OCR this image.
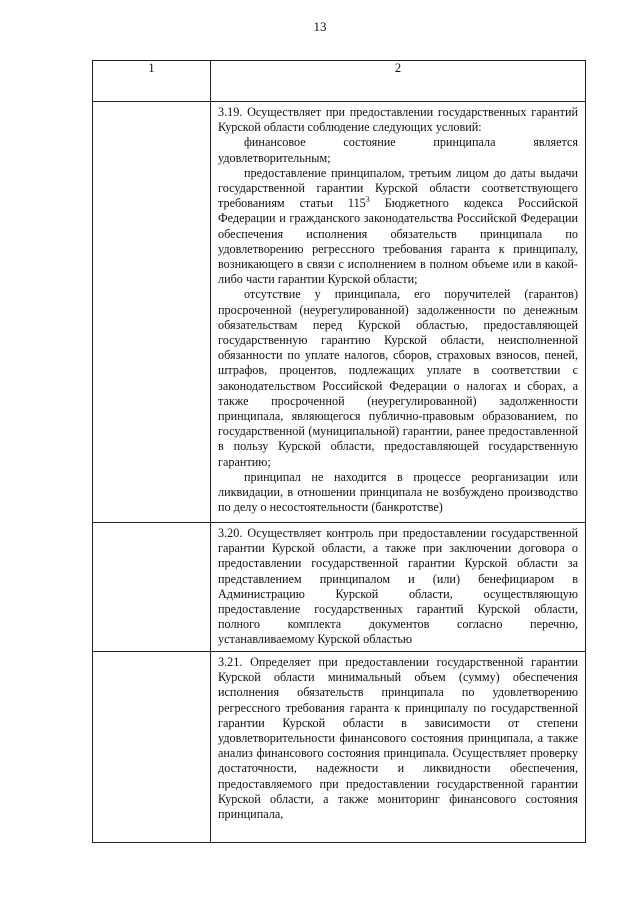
13
1	2

	3.19. Осуществляет при предоставлении государственных гарантий Курской области соблюдение следующих условий:

финансовое состояние принципала является удовлетворительным;

предоставление принципалом, третьим лицом до даты выдачи государственной гарантии Курской области соответствующего требованиям статьи $115^3$ Бюджетного кодекса Российской Федерации и гражданского законодательства Российской Федерации обеспечения исполнения обязательств принципала по удовлетворению регрессного требования гаранта к принципалу, возникающего в связи с исполнением в полном объеме или в какой-либо части гарантии Курской области;

отсутствие у принципала, его поручителей (гарантов) просроченной (неурегулированной) задолженности по денежным обязательствам перед Курской областью, предоставляющей государственную гарантию Курской области, неисполненной обязанности по уплате налогов, сборов, страховых взносов, пеней, штрафов, процентов, подлежащих уплате в соответствии с законодательством Российской Федерации о налогах и сборах, а также просроченной (неурегулированной) задолженности принципала, являющегося публично-правовым образованием, по государственной (муниципальной) гарантии, ранее предоставленной в пользу Курской области, предоставляющей государственную гарантию;

принципал не находится в процессе реорганизации или ликвидации, в отношении принципала не возбуждено производство по делу о несостоятельности (банкротстве)

	3.20. Осуществляет контроль при предоставлении государственной гарантии Курской области, а также при заключении договора о предоставлении государственной гарантии Курской области за представлением принципалом и (или) бенефициаром в Администрацию Курской области, осуществляющую предоставление государственных гарантий Курской области, полного комплекта документов согласно перечню, устанавливаемому Курской областью

	3.21. Определяет при предоставлении государственной гарантии Курской области минимальный объем (сумму) обеспечения исполнения обязательств принципала по удовлетворению регрессного требования гаранта к принципалу по государственной гарантии Курской области в зависимости от степени удовлетворительности финансового состояния принципала, а также анализ финансового состояния принципала. Осуществляет проверку достаточности, надежности и ликвидности обеспечения, предоставляемого при предоставлении государственной гарантии Курской области, а также мониторинг финансового состояния принципала,
